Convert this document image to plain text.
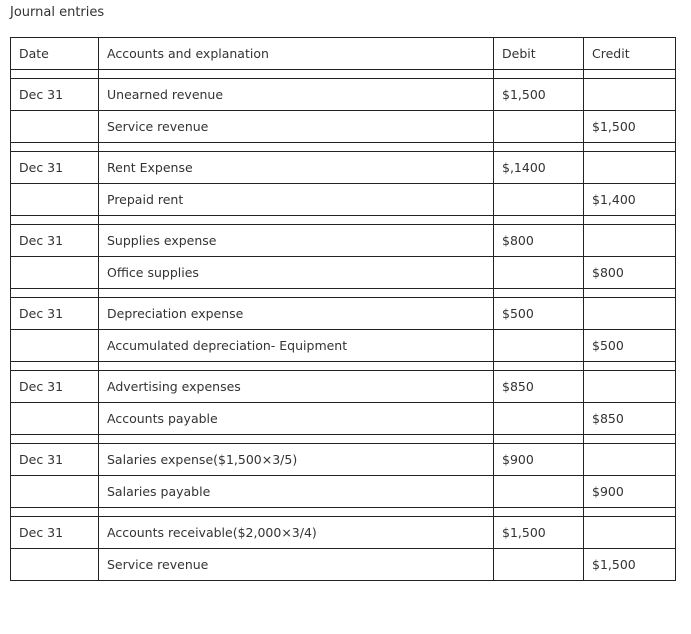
Journal entries
Date	Accounts and explanation	Debit	Credit

Dec 31	Unearned revenue	$1,500	
	Service revenue		$1,500

Dec 31	Rent Expense	$,1400	
	Prepaid rent		$1,400

Dec 31	Supplies expense	$800	
	Office supplies		$800

Dec 31	Depreciation expense	$500	
	Accumulated depreciation- Equipment		$500

Dec 31	Advertising expenses	$850	
	Accounts payable		$850

Dec 31	Salaries expense($1,500×3/5)	$900	
	Salaries payable		$900

Dec 31	Accounts receivable($2,000×3/4)	$1,500	
	Service revenue		$1,500
